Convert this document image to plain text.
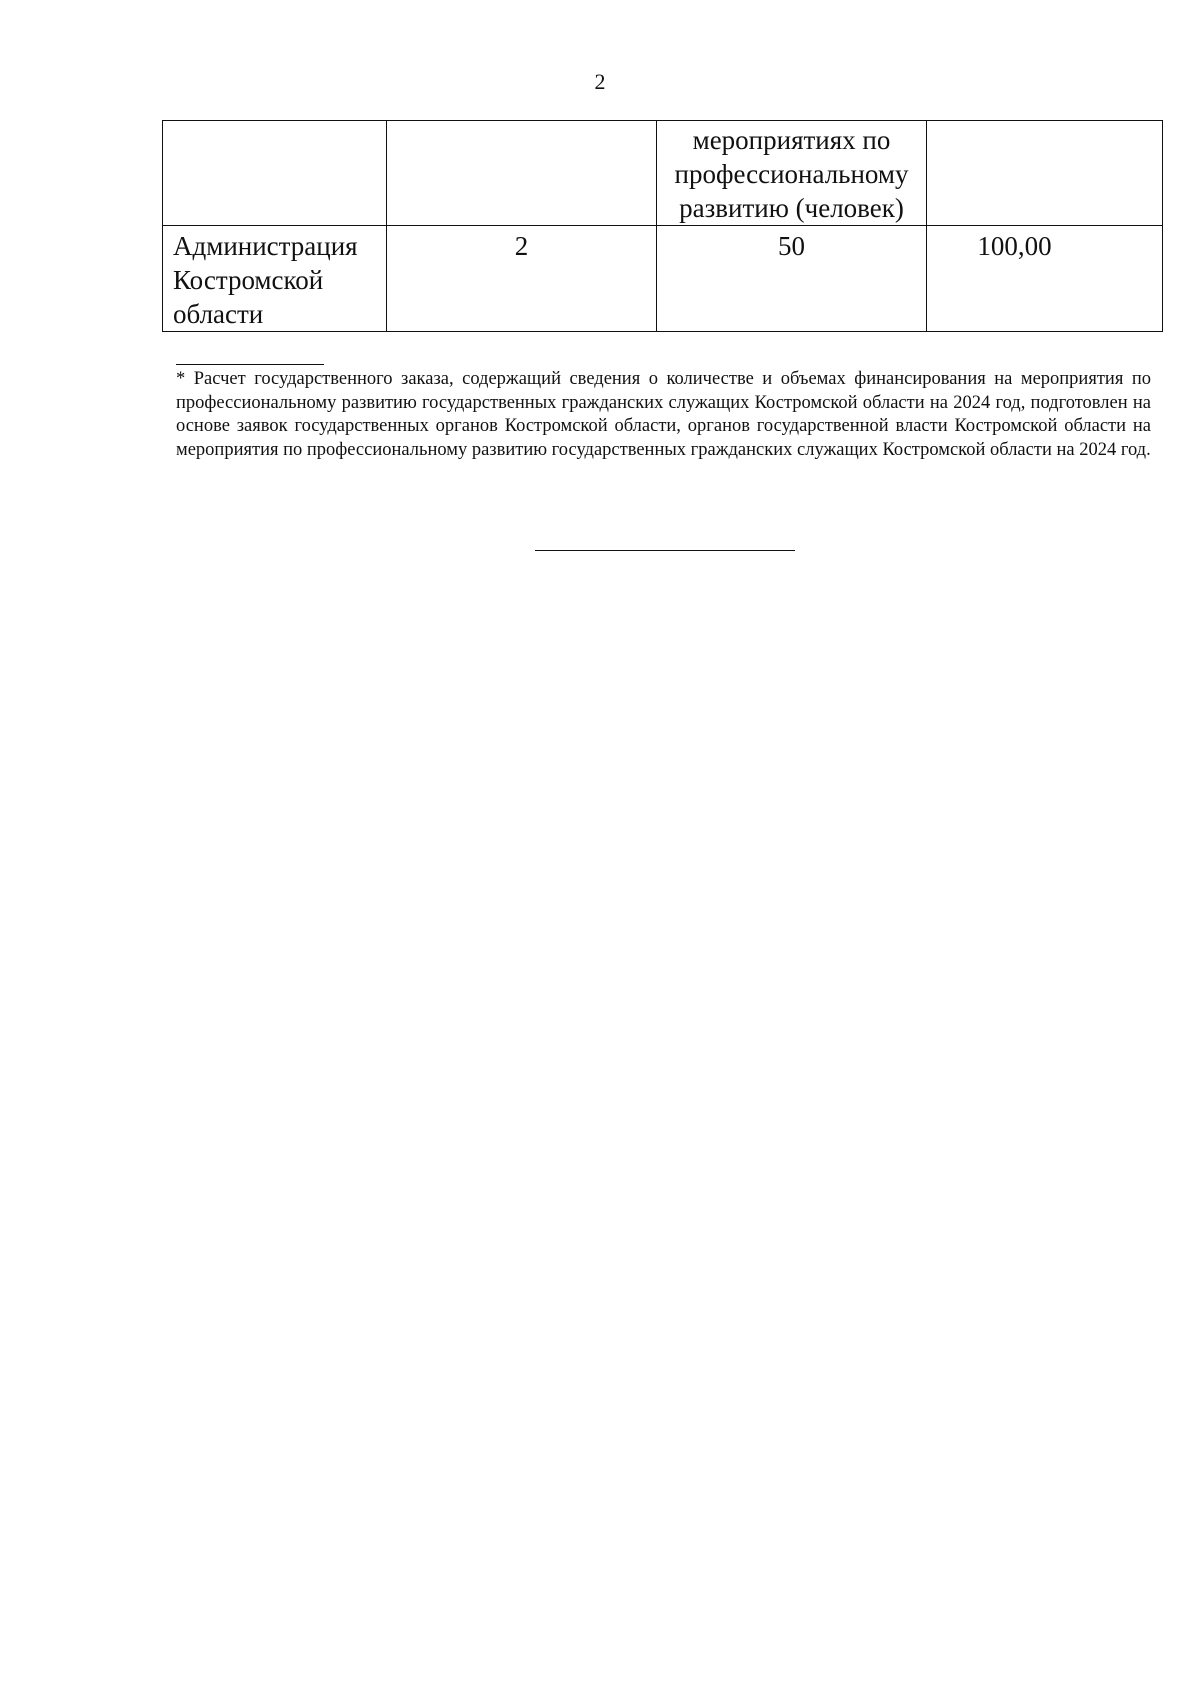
2
		мероприятиях по профессиональному развитию (человек)	
Администрация Костромской области	2	50	100,00
* Расчет государственного заказа, содержащий сведения о количестве и объемах финансирования на мероприятия по профессиональному развитию государственных гражданских служащих Костромской области на 2024 год, подготовлен на основе заявок государственных органов Костромской области, органов государственной власти Костромской области на мероприятия по профессиональному развитию государственных гражданских служащих Костромской области на 2024 год.
